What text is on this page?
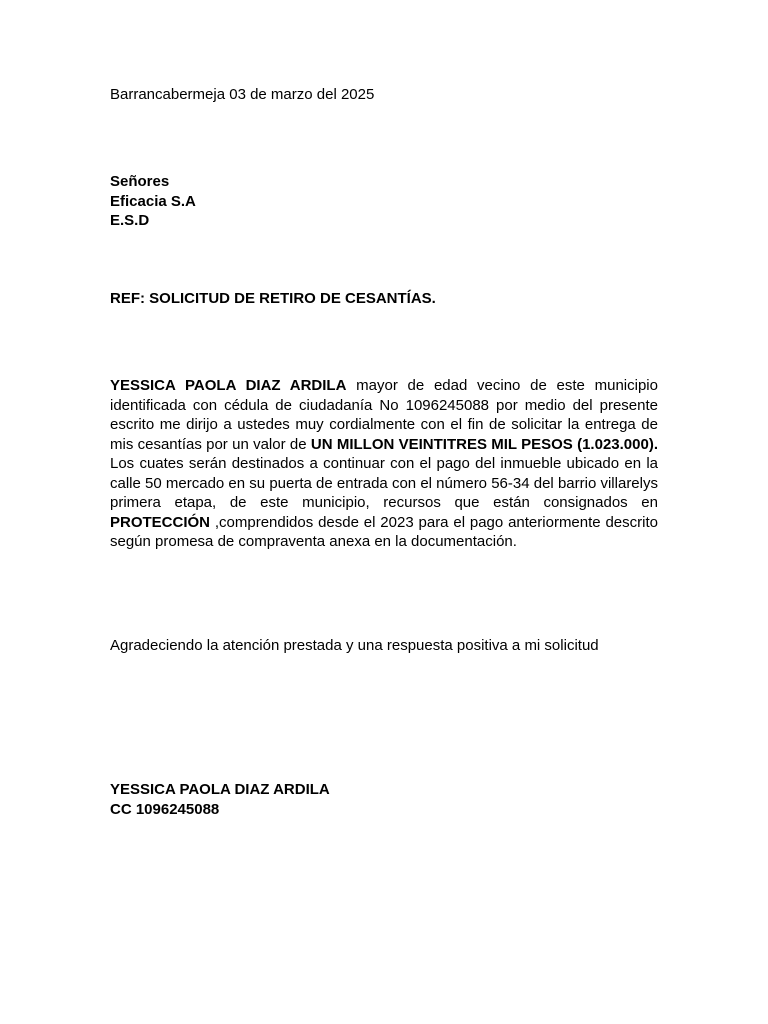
Barrancabermeja 03 de marzo del 2025

Señores
Eficacia S.A
E.S.D

REF: SOLICITUD DE RETIRO DE CESANTÍAS.

YESSICA PAOLA DIAZ ARDILA mayor de edad vecino de este municipio identificada con cédula de ciudadanía No 1096245088 por medio del presente escrito me dirijo a ustedes muy cordialmente con el fin de solicitar la entrega de mis cesantías por un valor de UN MILLON VEINTITRES MIL PESOS (1.023.000). Los cuates serán destinados a continuar con el pago del inmueble ubicado en la calle 50 mercado en su puerta de entrada con el número 56-34 del barrio villarelys primera etapa, de este municipio, recursos que están consignados en PROTECCIÓN ,comprendidos desde el 2023 para el pago anteriormente descrito según promesa de compraventa anexa en la documentación.

Agradeciendo la atención prestada y una respuesta positiva a mi solicitud

YESSICA PAOLA DIAZ ARDILA
CC 1096245088
